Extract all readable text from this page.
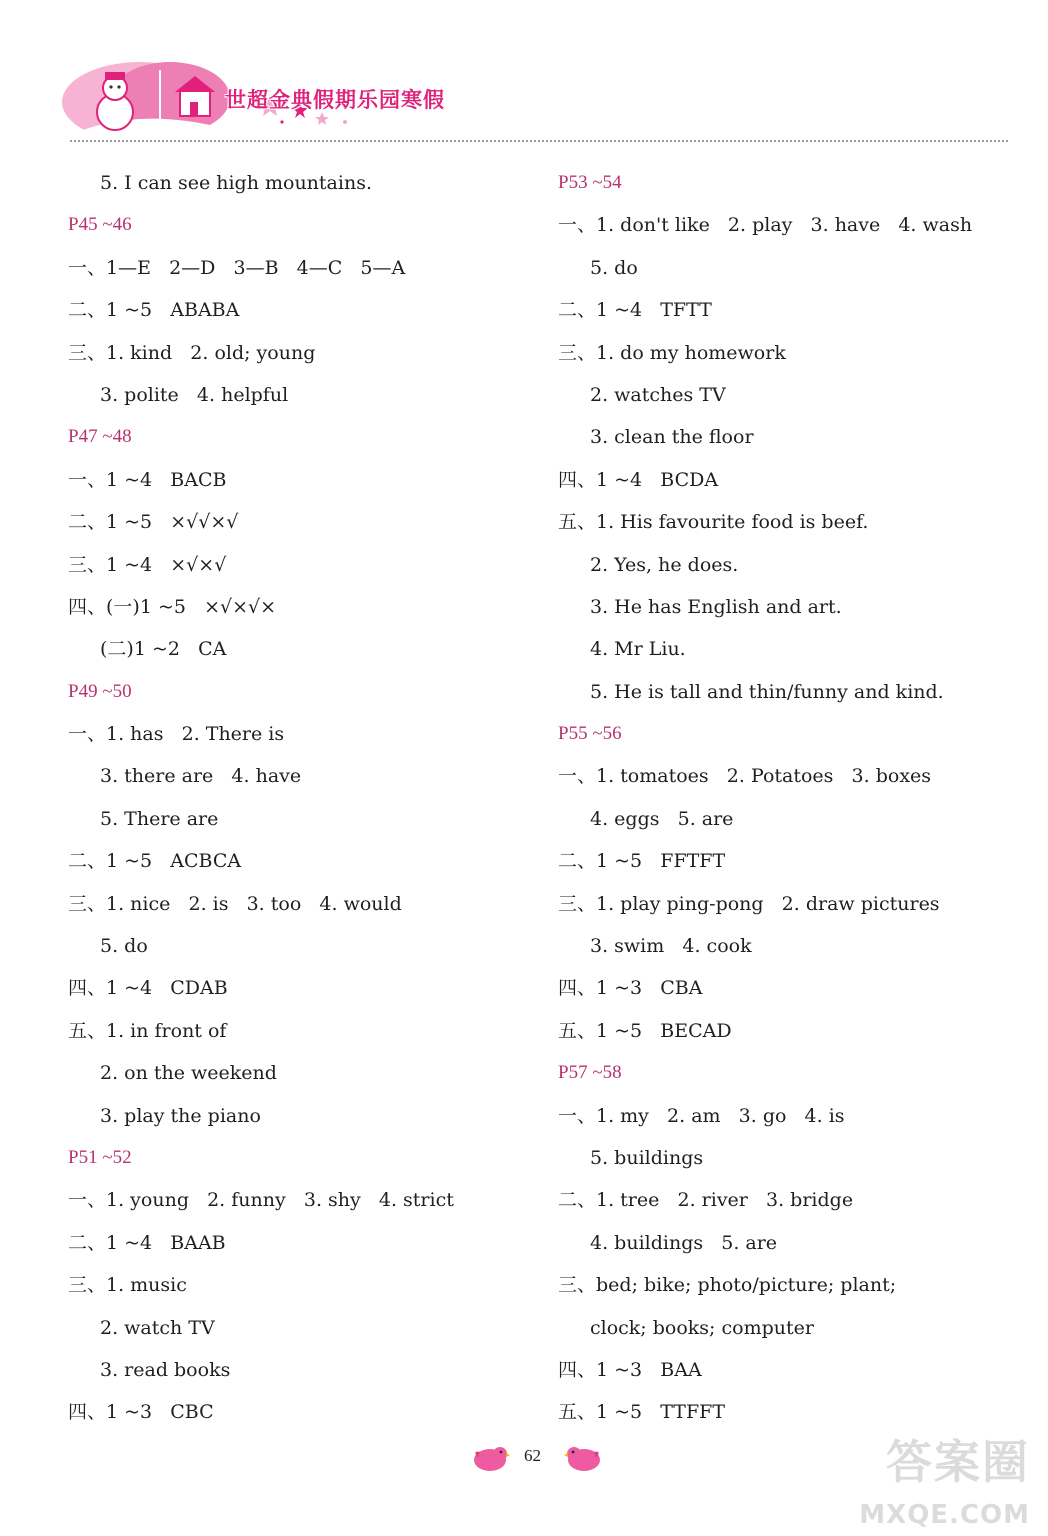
世超金典假期乐园寒假
5. I can see high mountains.
P45 ~46
一、1—E   2—D   3—B   4—C   5—A
二、1 ~5   ABABA
三、1. kind   2. old; young
3. polite   4. helpful
P47 ~48
一、1 ~4   BACB
二、1 ~5   ×√√×√
三、1 ~4   ×√×√
四、(一)1 ~5   ×√×√×
(二)1 ~2   CA
P49 ~50
一、1. has   2. There is
3. there are   4. have
5. There are
二、1 ~5   ACBCA
三、1. nice   2. is   3. too   4. would
5. do
四、1 ~4   CDAB
五、1. in front of
2. on the weekend
3. play the piano
P51 ~52
一、1. young   2. funny   3. shy   4. strict
二、1 ~4   BAAB
三、1. music
2. watch TV
3. read books
四、1 ~3   CBC
P53 ~54
一、1. don't like   2. play   3. have   4. wash
5. do
二、1 ~4   TFTT
三、1. do my homework
2. watches TV
3. clean the floor
四、1 ~4   BCDA
五、1. His favourite food is beef.
2. Yes, he does.
3. He has English and art.
4. Mr Liu.
5. He is tall and thin/funny and kind.
P55 ~56
一、1. tomatoes   2. Potatoes   3. boxes
4. eggs   5. are
二、1 ~5   FFTFT
三、1. play ping-pong   2. draw pictures
3. swim   4. cook
四、1 ~3   CBA
五、1 ~5   BECAD
P57 ~58
一、1. my   2. am   3. go   4. is
5. buildings
二、1. tree   2. river   3. bridge
4. buildings   5. are
三、bed; bike; photo/picture; plant;
clock; books; computer
四、1 ~3   BAA
五、1 ~5   TTFFT
62	答案圈
MXQE.COM
